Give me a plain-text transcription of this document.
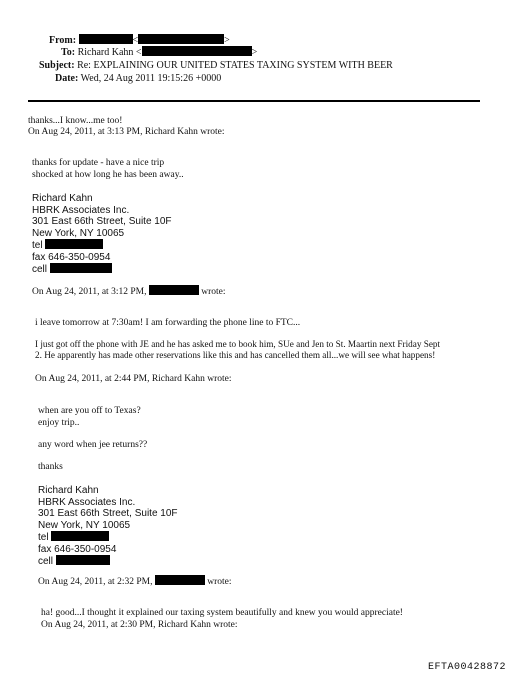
From:	<	>
To: Richard Kahn <	>
Subject: Re: EXPLAINING OUR UNITED STATES TAXING SYSTEM WITH BEER
Date: Wed, 24 Aug 2011 19:15:26 +0000
thanks...I know...me too!
On Aug 24, 2011, at 3:13 PM, Richard Kahn wrote:
thanks for update - have a nice trip
shocked at how long he has been away..
Richard Kahn
HBRK Associates Inc.
301 East 66th Street, Suite 10F
New York, NY 10065
tel
fax 646-350-0954
cell
On Aug 24, 2011, at 3:12 PM,	wrote:
i leave tomorrow at 7:30am! I am forwarding the phone line to FTC...
I just got off the phone with JE and he has asked me to book him, SUe and Jen to St. Maartin next Friday Sept
2. He apparently has made other reservations like this and has cancelled them all...we will see what happens!
On Aug 24, 2011, at 2:44 PM, Richard Kahn wrote:
when are you off to Texas?
enjoy trip..
any word when jee returns??
thanks
Richard Kahn
HBRK Associates Inc.
301 East 66th Street, Suite 10F
New York, NY 10065
tel
fax 646-350-0954
cell
On Aug 24, 2011, at 2:32 PM,	wrote:
ha! good...I thought it explained our taxing system beautifully and knew you would appreciate!
On Aug 24, 2011, at 2:30 PM, Richard Kahn wrote:
EFTA00428872
